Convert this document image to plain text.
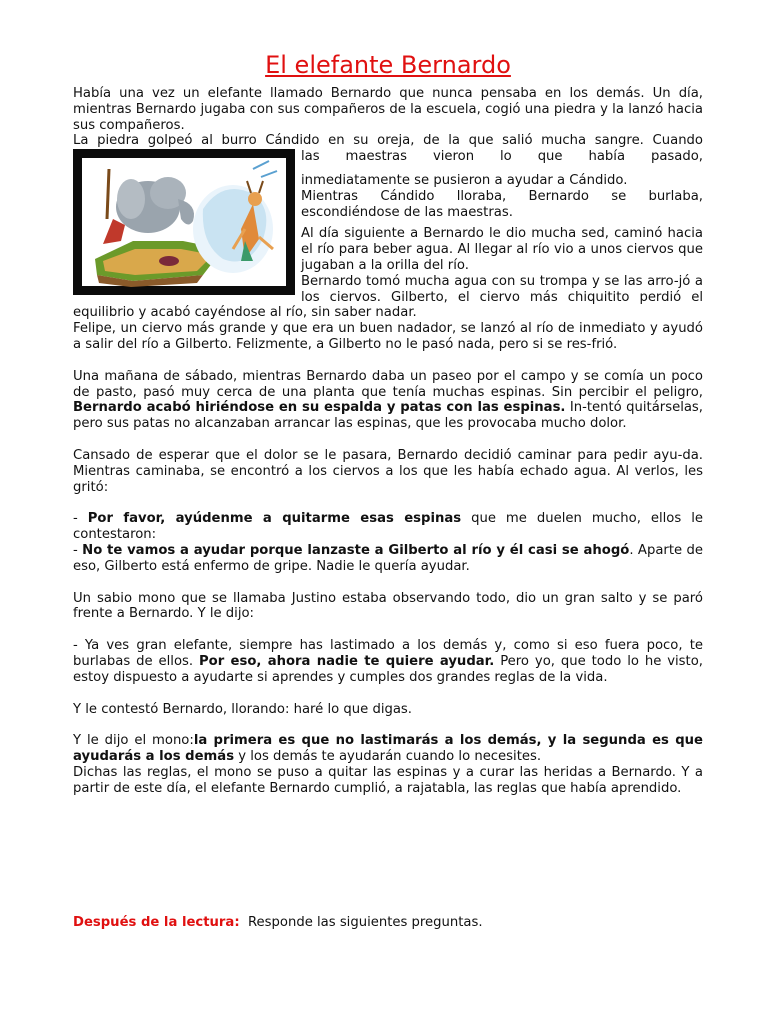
El elefante Bernardo

Había una vez un elefante llamado Bernardo que nunca pensaba en los demás. Un día, mientras Bernardo jugaba con sus compañeros de la escuela, cogió una piedra y la lanzó hacia sus compañeros.

La piedra golpeó al burro Cándido en su oreja, de la que salió mucha sangre. Cuando

las maestras vieron lo que había pasado,

inmediatamente se pusieron a ayudar a Cándido.

Mientras Cándido lloraba, Bernardo se burlaba, escondiéndose de las maestras.

Al día siguiente a Bernardo le dio mucha sed, caminó hacia el río para beber agua. Al llegar al río vio a unos ciervos que jugaban a la orilla del río.

Bernardo tomó mucha agua con su trompa y se las arro-jó a los ciervos. Gilberto, el ciervo más chiquitito perdió el equilibrio y acabó cayéndose al río, sin saber nadar.

Felipe, un ciervo más grande y que era un buen nadador, se lanzó al río de inmediato y ayudó a salir del río a Gilberto. Felizmente, a Gilberto no le pasó nada, pero si se res-frió.

Una mañana de sábado, mientras Bernardo daba un paseo por el campo y se comía un poco de pasto, pasó muy cerca de una planta que tenía muchas espinas. Sin percibir el peligro, Bernardo acabó hiriéndose en su espalda y patas con las espinas. In-tentó quitárselas, pero sus patas no alcanzaban arrancar las espinas, que les provocaba mucho dolor.

Cansado de esperar que el dolor se le pasara, Bernardo decidió caminar para pedir ayu-da. Mientras caminaba, se encontró a los ciervos a los que les había echado agua. Al verlos, les gritó:

- Por favor, ayúdenme a quitarme esas espinas que me duelen mucho, ellos le contestaron:

- No te vamos a ayudar porque lanzaste a Gilberto al río y él casi se ahogó. Aparte de eso, Gilberto está enfermo de gripe. Nadie le quería ayudar.

Un sabio mono que se llamaba Justino estaba observando todo, dio un gran salto y se paró frente a Bernardo. Y le dijo:

- Ya ves gran elefante, siempre has lastimado a los demás y, como si eso fuera poco, te burlabas de ellos. Por eso, ahora nadie te quiere ayudar. Pero yo, que todo lo he visto, estoy dispuesto a ayudarte si aprendes y cumples dos grandes reglas de la vida.

Y le contestó Bernardo, llorando: haré lo que digas.

Y le dijo el mono:la primera es que no lastimarás a los demás, y la segunda es que ayudarás a los demás y los demás te ayudarán cuando lo necesites.

Dichas las reglas, el mono se puso a quitar las espinas y a curar las heridas a Bernardo. Y a partir de este día, el elefante Bernardo cumplió, a rajatabla, las reglas que había aprendido.

Después de la lectura:  Responde las siguientes preguntas.
